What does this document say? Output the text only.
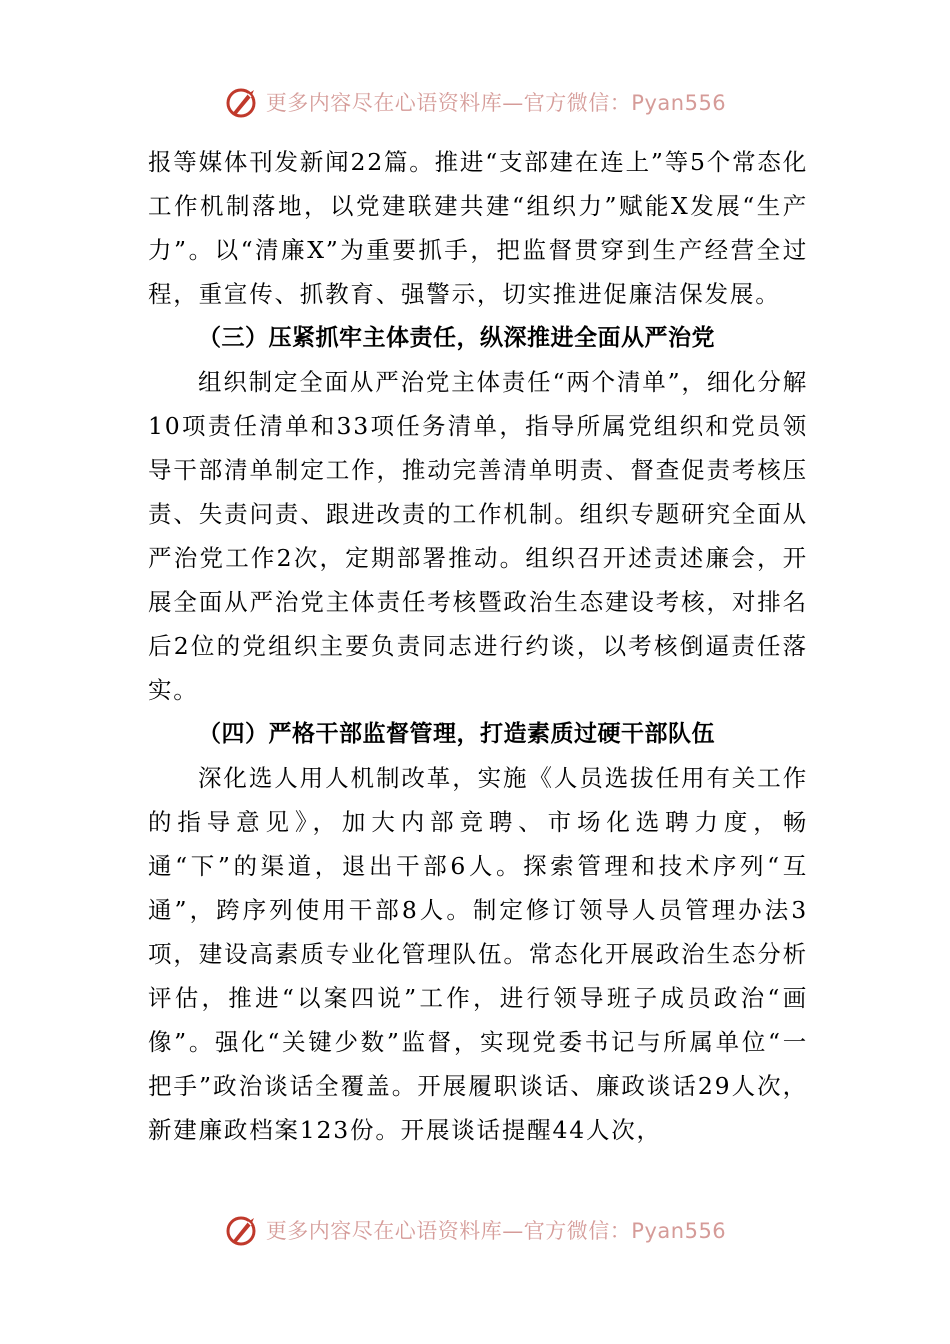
更多内容尽在心语资料库—官方微信：Pyan556

报等媒体刊发新闻22篇。推进“支部建在连上”等5个常态化工作机制落地，以党建联建共建“组织力”赋能X发展“生产力”。以“清廉X”为重要抓手，把监督贯穿到生产经营全过程，重宣传、抓教育、强警示，切实推进促廉洁保发展。

（三）压紧抓牢主体责任，纵深推进全面从严治党

组织制定全面从严治党主体责任“两个清单”，细化分解10项责任清单和33项任务清单，指导所属党组织和党员领导干部清单制定工作，推动完善清单明责、督查促责考核压责、失责问责、跟进改责的工作机制。组织专题研究全面从严治党工作2次，定期部署推动。组织召开述责述廉会，开展全面从严治党主体责任考核暨政治生态建设考核，对排名后2位的党组织主要负责同志进行约谈，以考核倒逼责任落实。

（四）严格干部监督管理，打造素质过硬干部队伍

深化选人用人机制改革，实施《人员选拔任用有关工作的指导意见》，加大内部竞聘、市场化选聘力度，畅通“下”的渠道，退出干部6人。探索管理和技术序列“互通”，跨序列使用干部8人。制定修订领导人员管理办法3项，建设高素质专业化管理队伍。常态化开展政治生态分析评估，推进“以案四说”工作，进行领导班子成员政治“画像”。强化“关键少数”监督，实现党委书记与所属单位“一把手”政治谈话全覆盖。开展履职谈话、廉政谈话29人次，新建廉政档案123份。开展谈话提醒44人次，

更多内容尽在心语资料库—官方微信：Pyan556
